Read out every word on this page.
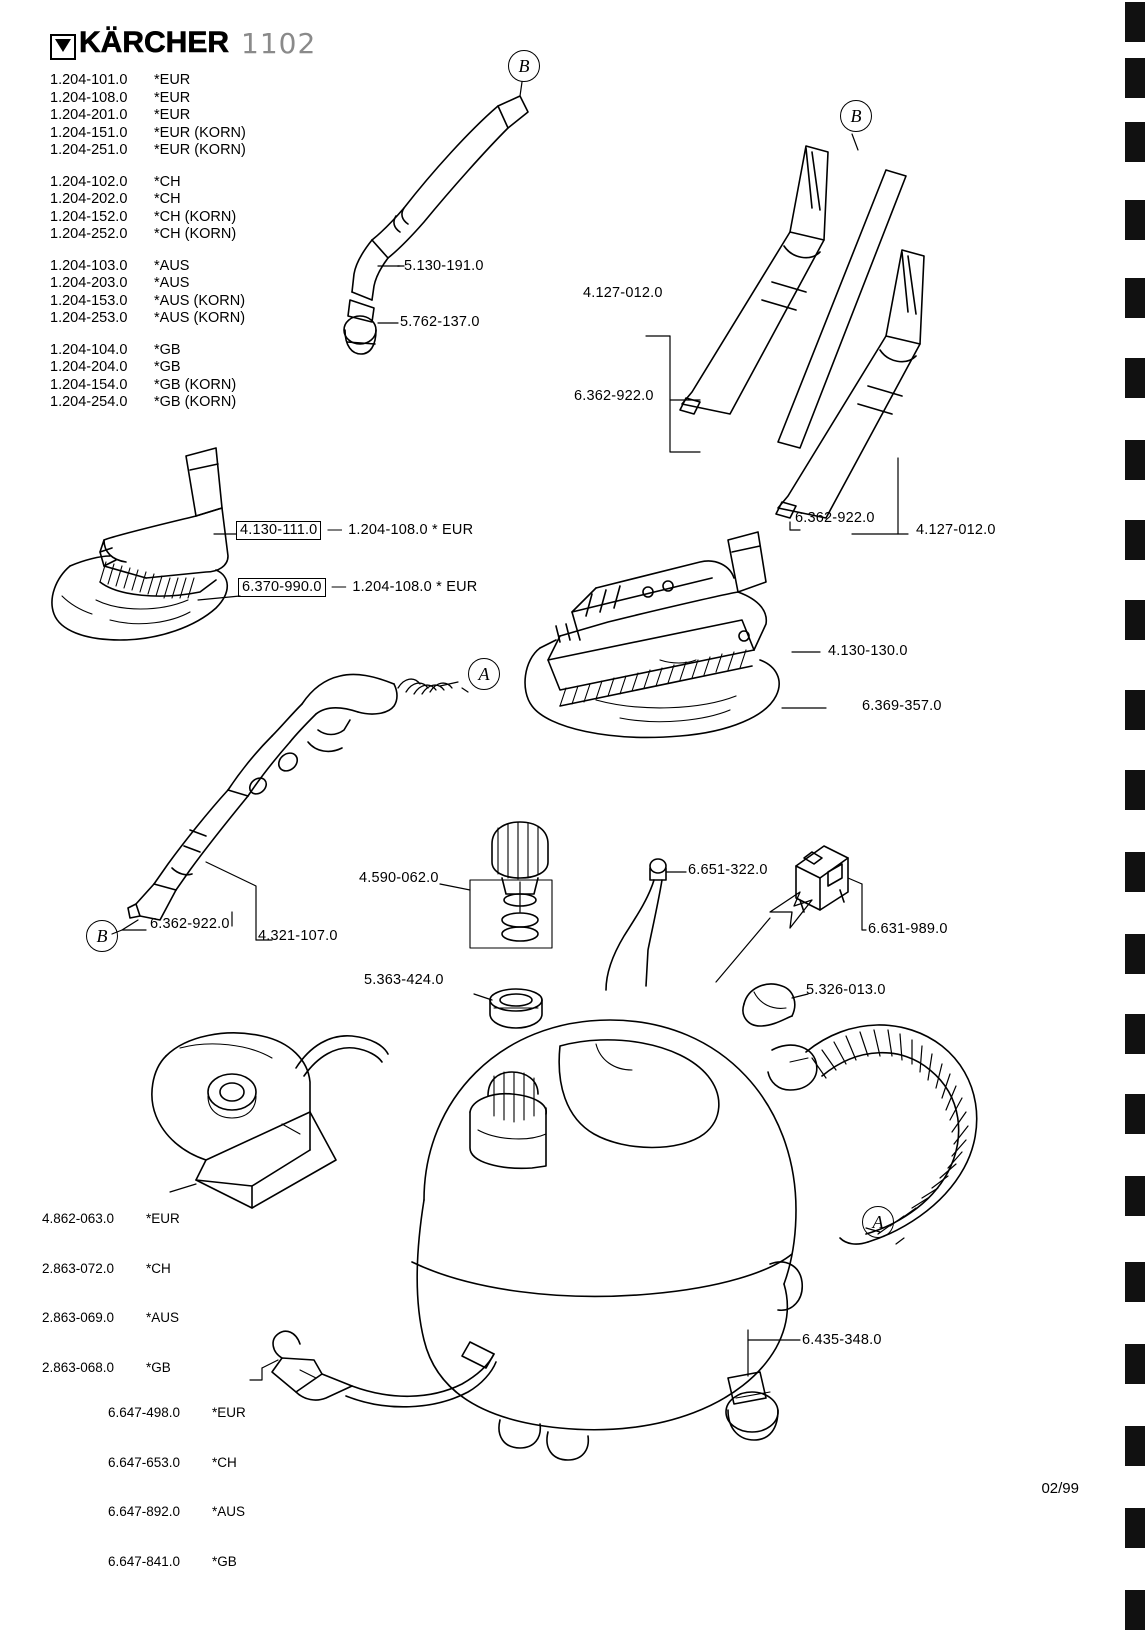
KÄRCHER 1102
1.204-101.0 *EUR
1.204-108.0 *EUR
1.204-201.0 *EUR
1.204-151.0 *EUR (KORN)
1.204-251.0 *EUR (KORN)
1.204-102.0 *CH
1.204-202.0 *CH
1.204-152.0 *CH (KORN)
1.204-252.0 *CH (KORN)
1.204-103.0 *AUS
1.204-203.0 *AUS
1.204-153.0 *AUS (KORN)
1.204-253.0 *AUS (KORN)
1.204-104.0 *GB
1.204-204.0 *GB
1.204-154.0 *GB (KORN)
1.204-254.0 *GB (KORN)
5.130-191.0
5.762-137.0
4.127-012.0
6.362-922.0
6.362-922.0
4.127-012.0
4.130-111.0 — 1.204-108.0 * EUR
6.370-990.0 — 1.204-108.0 * EUR
4.130-130.0
6.369-357.0
6.362-922.0
4.321-107.0
4.590-062.0
5.363-424.0
6.651-322.0
6.631-989.0
5.326-013.0
6.435-348.0

4.862-063.0 *EUR

2.863-072.0 *CH

2.863-069.0 *AUS

2.863-068.0 *GB

6.647-498.0 *EUR

6.647-653.0 *CH

6.647-892.0 *AUS

6.647-841.0 *GB

B
B
A
B
A
02/99
